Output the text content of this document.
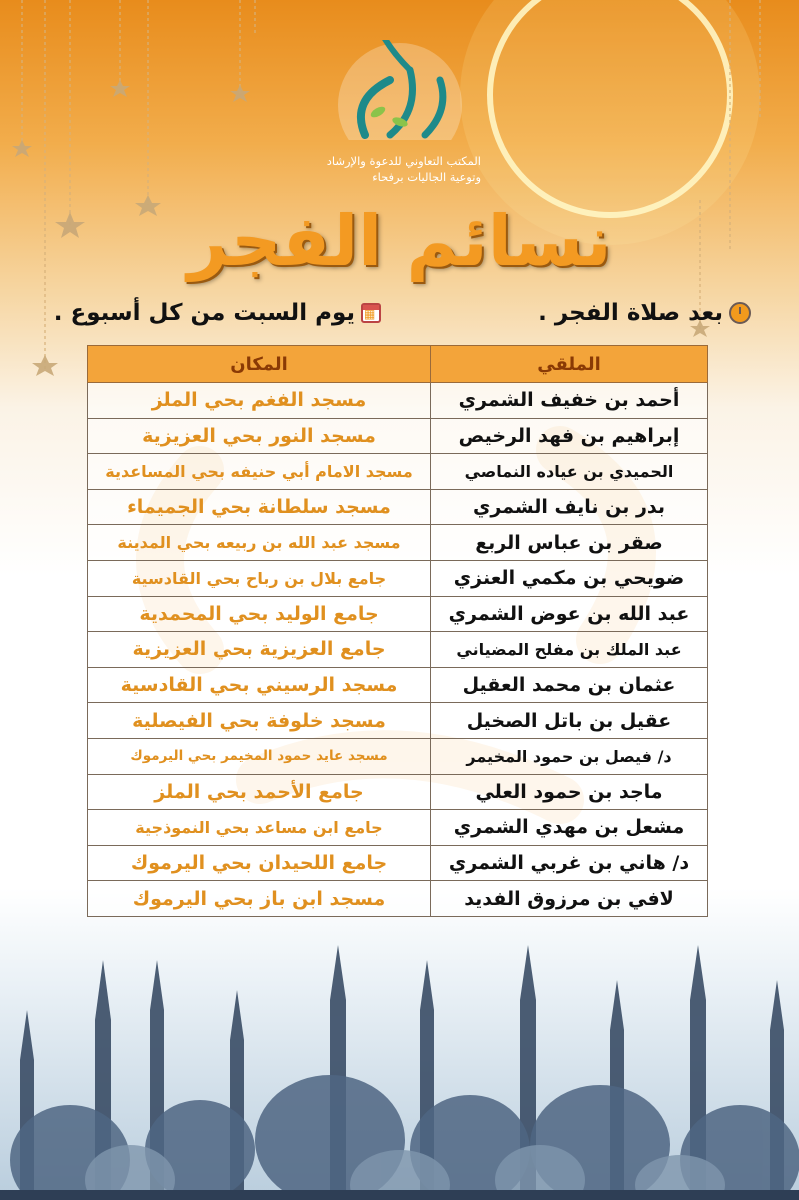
المكتب التعاوني للدعوة والإرشاد
وتوعية الجاليات برفحاء
نسائم الفجر
بعد صلاة الفجر .
▦
يوم السبت من كل أسبوع .
الملقي	المكان
أحمد بن خفيف الشمري	مسجد الفغم بحي الملز
إبراهيم بن فهد الرخيص	مسجد النور بحي العزيزية
الحميدي بن عياده النماصي	مسجد الامام أبي حنيفه بحي المساعدية
بدر بن نايف الشمري	مسجد سلطانة بحي الجميماء
صقر بن عباس الربع	مسجد عبد الله بن ربيعه بحي المدينة
ضويحي بن مكمي العنزي	جامع بلال بن رباح بحي القادسية
عبد الله بن عوض الشمري	جامع الوليد بحي المحمدية
عبد الملك بن مفلح المضياني	جامع العزيزية بحي العزيزية
عثمان بن محمد العقيل	مسجد الرسيني بحي القادسية
عقيل بن باتل الصخيل	مسجد خلوفة بحي الفيصلية
د/ فيصل بن حمود المخيمر	مسجد عايد حمود المخيمر بحي اليرموك
ماجد بن حمود العلي	جامع الأحمد بحي الملز
مشعل بن مهدي الشمري	جامع ابن مساعد بحي النموذجية
د/ هاني بن غربي الشمري	جامع اللحيدان بحي اليرموك
لافي بن مرزوق الفديد	مسجد ابن باز بحي اليرموك
